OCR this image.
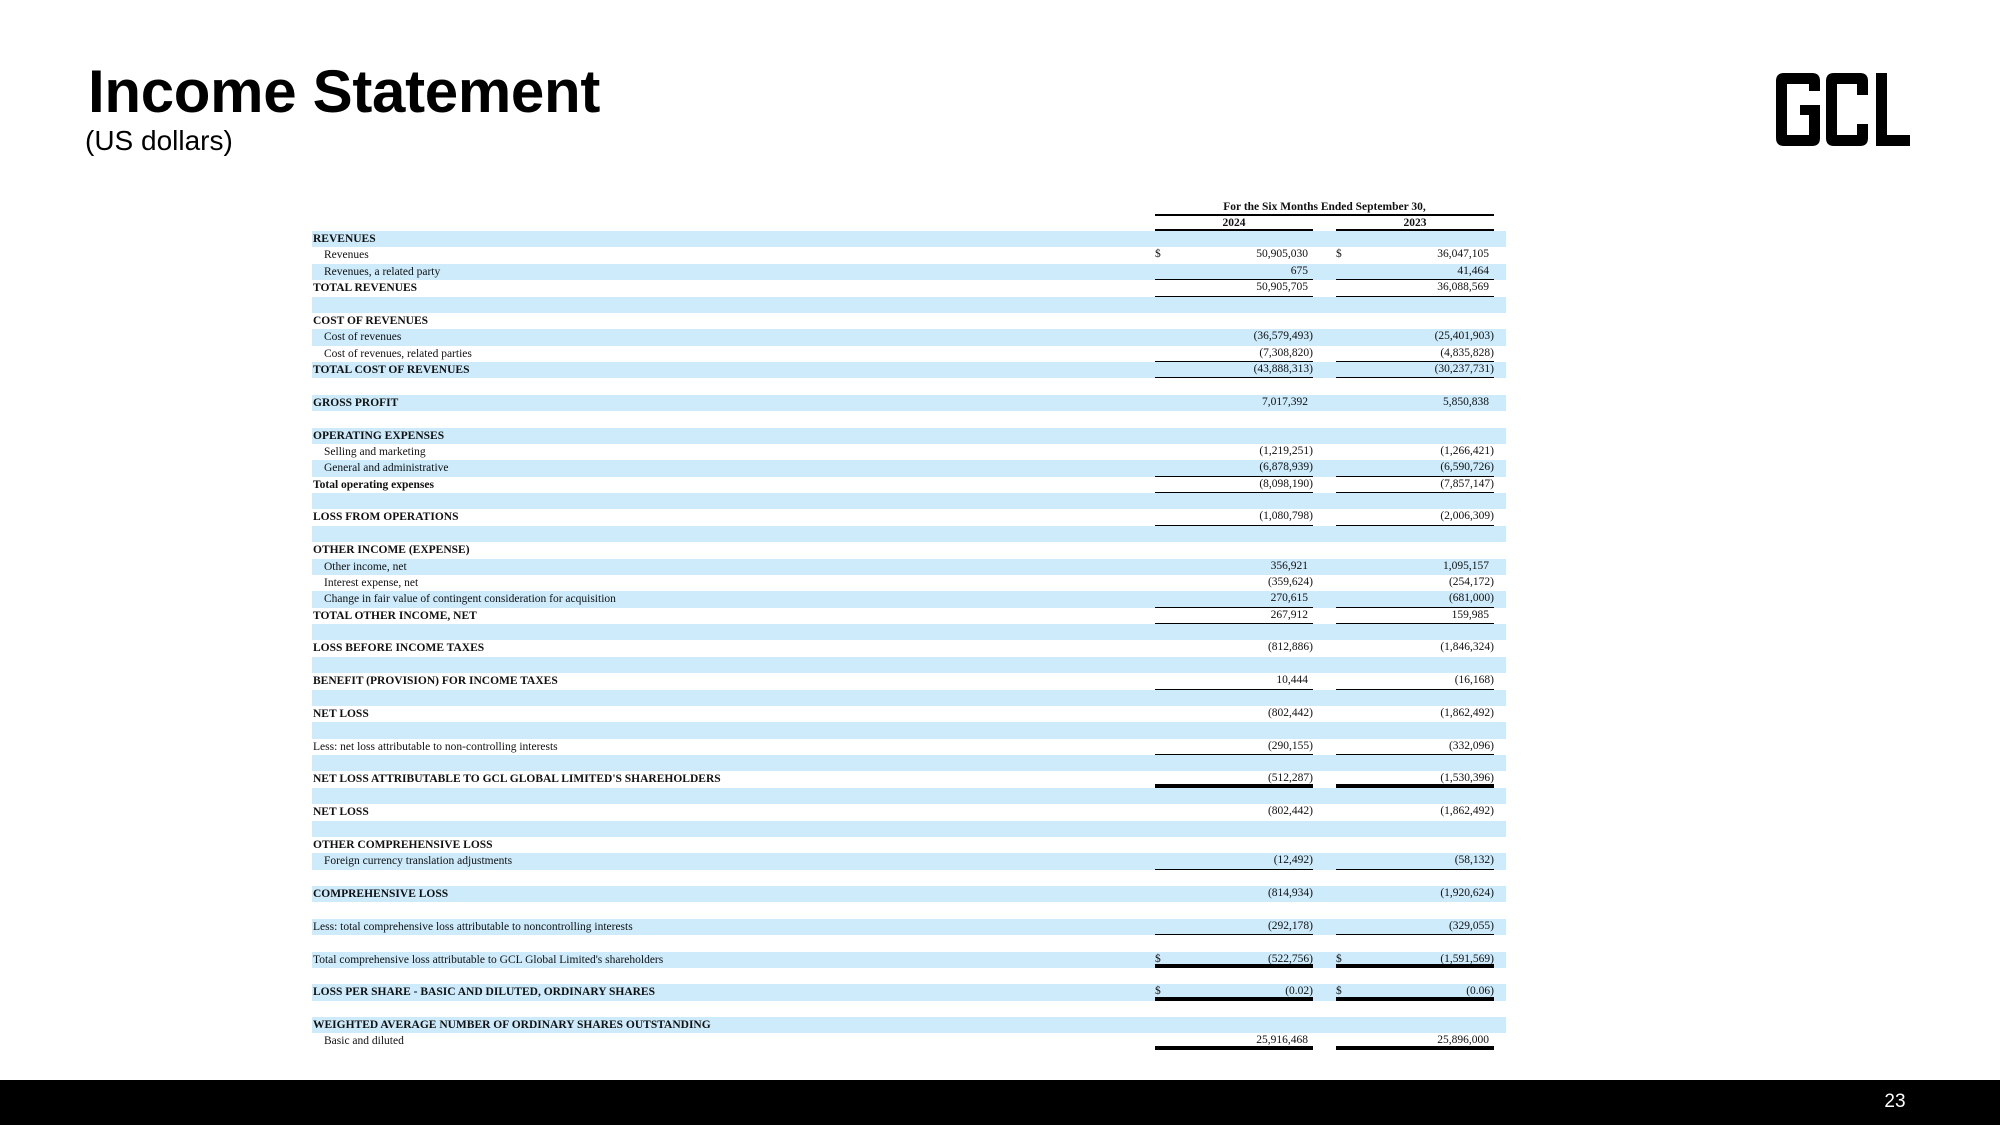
Income Statement
(US dollars)
For the Six Months Ended September 30,
2024	2023
REVENUES
Revenues	$	50,905,030 $	36,047,105
Revenues, a related party	675	41,464
TOTAL REVENUES	50,905,705	36,088,569
COST OF REVENUES
Cost of revenues	(36,579,493)	(25,401,903)
Cost of revenues, related parties	(7,308,820)	(4,835,828)
TOTAL COST OF REVENUES	(43,888,313)	(30,237,731)
GROSS PROFIT	7,017,392	5,850,838
OPERATING EXPENSES
Selling and marketing	(1,219,251)	(1,266,421)
General and administrative	(6,878,939)	(6,590,726)
Total operating expenses	(8,098,190)	(7,857,147)
LOSS FROM OPERATIONS	(1,080,798)	(2,006,309)
OTHER INCOME (EXPENSE)
Other income, net	356,921	1,095,157
Interest expense, net	(359,624)	(254,172)
Change in fair value of contingent consideration for acquisition	270,615	(681,000)
TOTAL OTHER INCOME, NET	267,912	159,985
LOSS BEFORE INCOME TAXES	(812,886)	(1,846,324)
BENEFIT (PROVISION) FOR INCOME TAXES	10,444	(16,168)
NET LOSS	(802,442)	(1,862,492)
Less: net loss attributable to non-controlling interests	(290,155)	(332,096)
NET LOSS ATTRIBUTABLE TO GCL GLOBAL LIMITED'S SHAREHOLDERS	(512,287)	(1,530,396)
NET LOSS	(802,442)	(1,862,492)
OTHER COMPREHENSIVE LOSS
Foreign currency translation adjustments	(12,492)	(58,132)
COMPREHENSIVE LOSS	(814,934)	(1,920,624)
Less: total comprehensive loss attributable to noncontrolling interests	(292,178)	(329,055)
Total comprehensive loss attributable to GCL Global Limited's shareholders	$	(522,756) $	(1,591,569)
LOSS PER SHARE - BASIC AND DILUTED, ORDINARY SHARES	$	(0.02) $	(0.06)
WEIGHTED AVERAGE NUMBER OF ORDINARY SHARES OUTSTANDING
Basic and diluted	25,916,468	25,896,000
23
